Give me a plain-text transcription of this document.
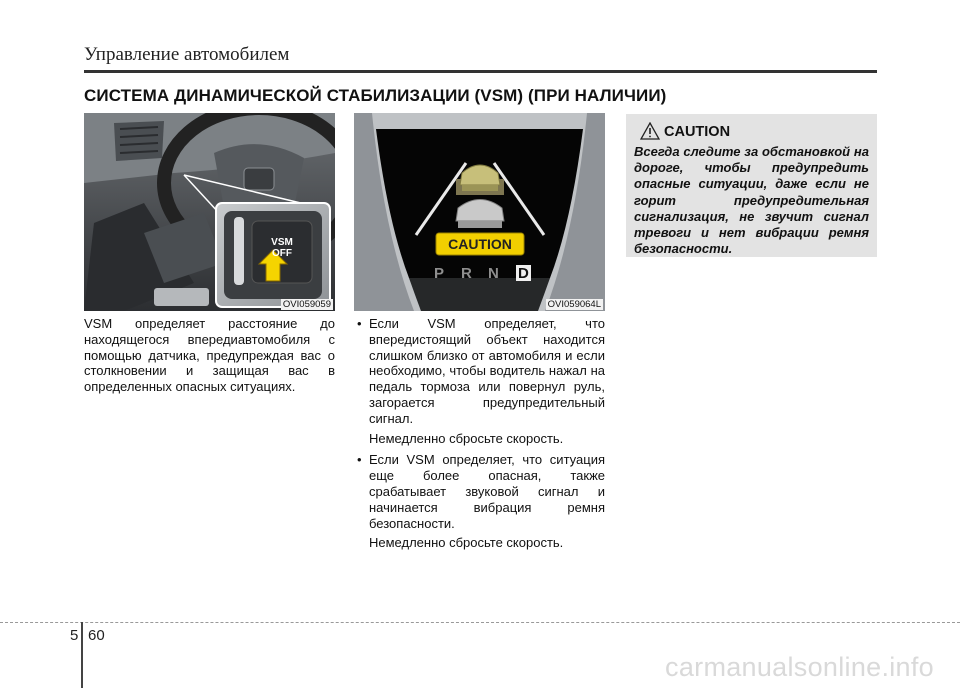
Управление автомобилем
СИСТЕМА ДИНАМИЧЕСКОЙ СТАБИЛИЗАЦИИ (VSM) (ПРИ НАЛИЧИИ)
VSM
OFF
OVI059059
CAUTION
P R N D
OVI059064L
VSM определяет расстояние до находящегося впередиавтомобиля с помощью датчика, предупреждая вас о столкновении и защищая вас в определенных опасных ситуациях.
• Если VSM определяет, что впередистоящий объект находится слишком близко от автомобиля и если необходимо, чтобы водитель нажал на педаль тормоза или повернул руль, загорается предупредительный сигнал.
Немедленно сбросьте скорость.
• Если VSM определяет, что ситуация еще более опасная, также срабатывает звуковой сигнал и начинается вибрация ремня безопасности.
Немедленно сбросьте скорость.
CAUTION
Всегда следите за обстановкой на дороге, чтобы предупредить опасные ситуации, даже если не горит предупредительная сигнализация, не звучит сигнал тревоги и нет вибрации ремня безопасности.
5 60
carmanualsonline.info
